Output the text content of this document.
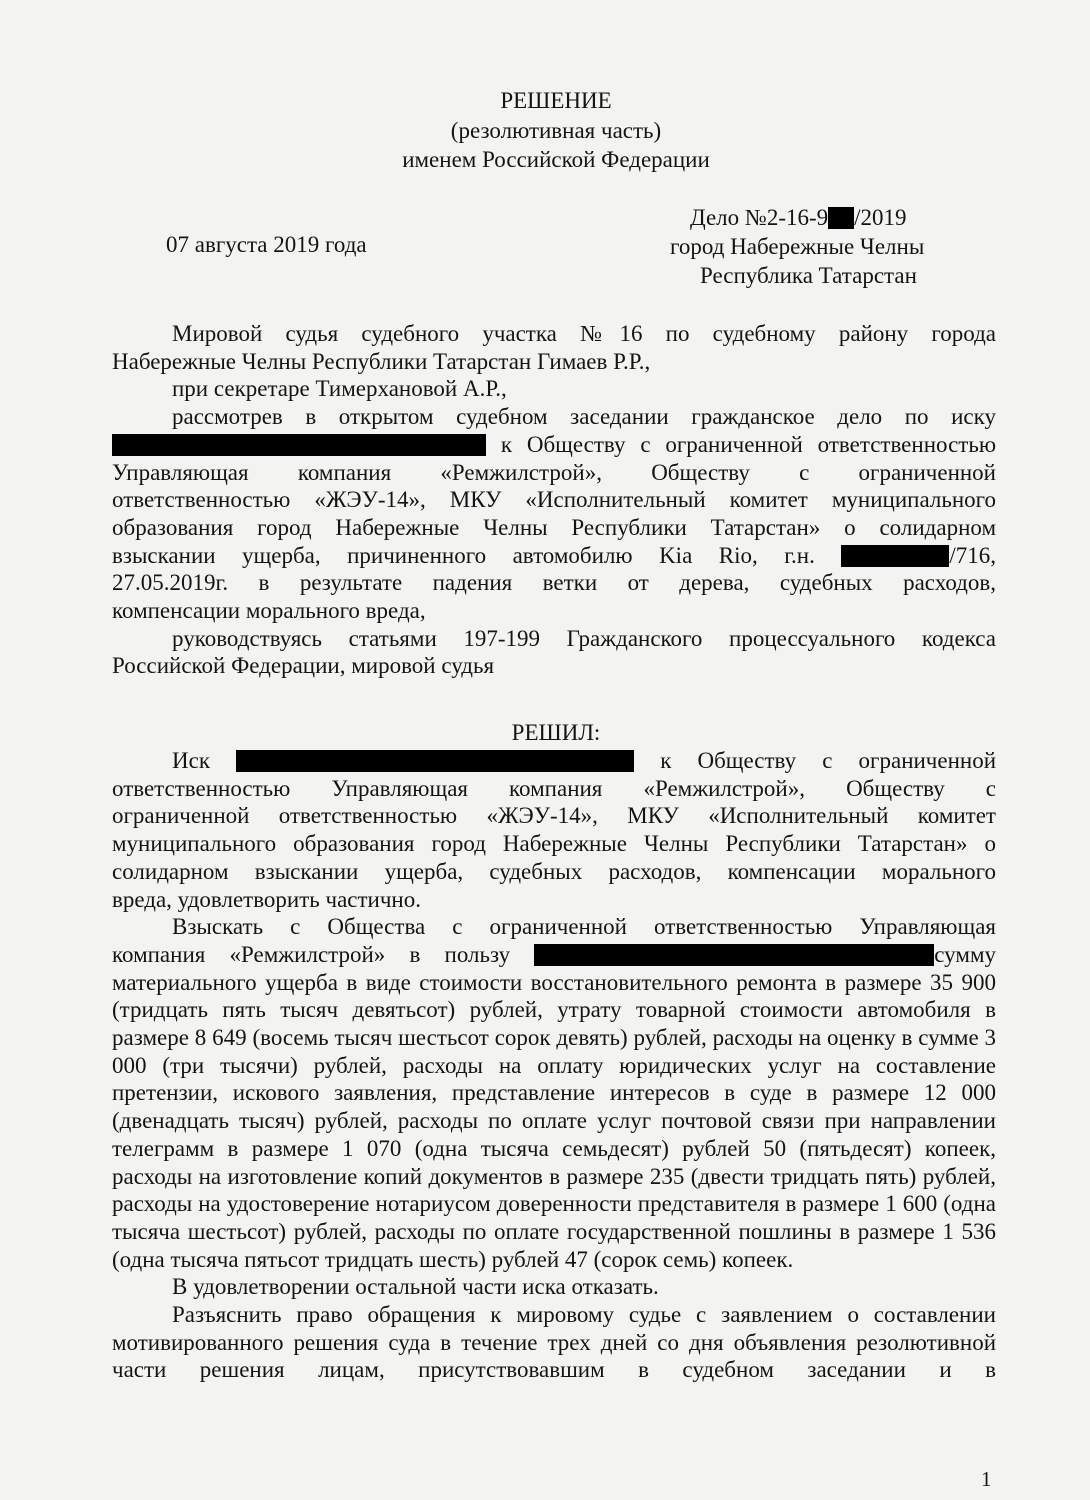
РЕШЕНИЕ
(резолютивная часть)
именем Российской Федерации
Дело №2-16-9 /2019
07 августа 2019 года	город Набережные Челны
Республика Татарстан
Мировой судья судебного участка №16 по судебному району города
Набережные Челны Республики Татарстан Гимаев Р.Р.,
при секретаре Тимерхановой А.Р.,
рассмотрев в открытом судебном заседании гражданское дело по иску
к Обществу с ограниченной ответственностью
Управляющая компания «Ремжилстрой», Обществу с ограниченной
ответственностью «ЖЭУ-14», МКУ «Исполнительный комитет муниципального
образования город Набережные Челны Республики Татарстан» о солидарном
взыскании ущерба, причиненного автомобилю Kia Rio, г.н.	/716,
27.05.2019г. в результате падения ветки от дерева, судебных расходов,
компенсации морального вреда,
руководствуясь статьями 197-199 Гражданского процессуального кодекса
Российской Федерации, мировой судья
РЕШИЛ:
Иск	к Обществу с ограниченной
ответственностью Управляющая компания «Ремжилстрой», Обществу с
ограниченной ответственностью «ЖЭУ-14», МКУ «Исполнительный комитет
муниципального образования город Набережные Челны Республики Татарстан» о
солидарном взыскании ущерба, судебных расходов, компенсации морального
вреда, удовлетворить частично.
Взыскать с Общества с ограниченной ответственностью Управляющая
компания «Ремжилстрой» в пользу	сумму

материального ущерба в виде стоимости восстановительного ремонта в размере 35 900 (тридцать пять тысяч девятьсот) рублей, утрату товарной стоимости автомобиля в размере 8 649 (восемь тысяч шестьсот сорок девять) рублей, расходы на оценку в сумме 3 000 (три тысячи) рублей, расходы на оплату юридических услуг на составление претензии, искового заявления, представление интересов в суде в размере 12 000 (двенадцать тысяч) рублей, расходы по оплате услуг почтовой связи при направлении телеграмм в размере 1 070 (одна тысяча семьдесят) рублей 50 (пятьдесят) копеек, расходы на изготовление копий документов в размере 235 (двести тридцать пять) рублей, расходы на удостоверение нотариусом доверенности представителя в размере 1 600 (одна тысяча шестьсот) рублей, расходы по оплате государственной пошлины в размере 1 536 (одна тысяча пятьсот тридцать шесть) рублей 47 (сорок семь) копеек.

В удовлетворении остальной части иска отказать.

Разъяснить право обращения к мировому судье с заявлением о составлении мотивированного решения суда в течение трех дней со дня объявления резолютивной части решения лицам, присутствовавшим в судебном заседании и в

1
